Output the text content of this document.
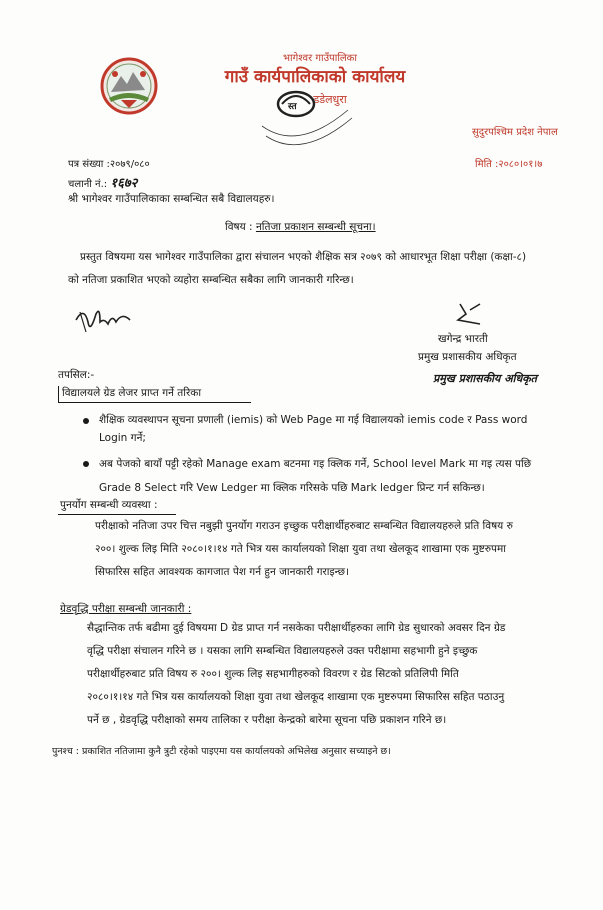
भागेश्वर गाउँपालिका
गाउँ कार्यपालिकाको कार्यालय
डडेलधुरा
सुदुरपश्चिम प्रदेश नेपाल
स्त
पत्र संख्या :२०७९/०८०	मिति :२०८०।०१।७
चलानी नं.: १६७२
श्री भागेश्वर गाउँपालिकाका सम्बन्धित सबै विद्यालयहरु।
विषय : नतिजा प्रकाशन सम्बन्धी सूचना।
प्रस्तुत विषयमा यस भागेश्वर गाउँपालिका द्वारा संचालन भएको शैक्षिक सत्र २०७९ को आधारभूत शिक्षा परीक्षा (कक्षा-८)
को नतिजा प्रकाशित भएको व्यहोरा सम्बन्धित सबैका लागि जानकारी गरिन्छ।
खगेन्द्र भारती
प्रमुख प्रशासकीय अधिकृत
प्रमुख प्रशासकीय अधिकृत
तपसिल:-
विद्यालयले ग्रेड लेजर प्राप्त गर्ने तरिका
शैक्षिक व्यवस्थापन सूचना प्रणाली (iemis) को Web Page मा गई विद्यालयको iemis code र Pass word
Login गर्ने;
अब पेजको बायाँ पट्टी रहेको Manage exam बटनमा गइ क्लिक गर्ने, School level Mark मा गइ त्यस पछि
Grade 8 Select गरि Vew Ledger मा क्लिक गरिसके पछि Mark ledger प्रिन्ट गर्न सकिन्छ।
पुनर्योग सम्बन्धी व्यवस्था :
परीक्षाको नतिजा उपर चित्त नबुझी पुनर्योग गराउन इच्छुक परीक्षार्थीहरुबाट सम्बन्धित विद्यालयहरुले प्रति विषय रु
२००। शुल्क लिइ मिति २०८०।१।१४ गते भित्र यस कार्यालयको शिक्षा युवा तथा खेलकूद शाखामा एक मुष्टरुपमा
सिफारिस सहित आवश्यक कागजात पेश गर्न हुन जानकारी गराइन्छ।
ग्रेडवृद्धि परीक्षा सम्बन्धी जानकारी :
सैद्धान्तिक तर्फ बढीमा दुई विषयमा D ग्रेड प्राप्त गर्न नसकेका परीक्षार्थीहरुका लागि ग्रेड सुधारको अवसर दिन ग्रेड
वृद्धि परीक्षा संचालन गरिने छ । यसका लागि सम्बन्धित विद्यालयहरुले उक्त परीक्षामा सहभागी हुने इच्छुक
परीक्षार्थीहरुबाट प्रति विषय रु २००। शुल्क लिइ सहभागीहरुको विवरण र ग्रेड सिटको प्रतिलिपी मिति
२०८०।१।१४ गते भित्र यस कार्यालयको शिक्षा युवा तथा खेलकूद शाखामा एक मुष्टरुपमा सिफारिस सहित पठाउनु
पर्ने छ , ग्रेडवृद्धि परीक्षाको समय तालिका र परीक्षा केन्द्रको बारेमा सूचना पछि प्रकाशन गरिने छ।
पुनश्च : प्रकाशित नतिजामा कुनै त्रुटी रहेको पाइएमा यस कार्यालयको अभिलेख अनुसार सच्याइने छ।
